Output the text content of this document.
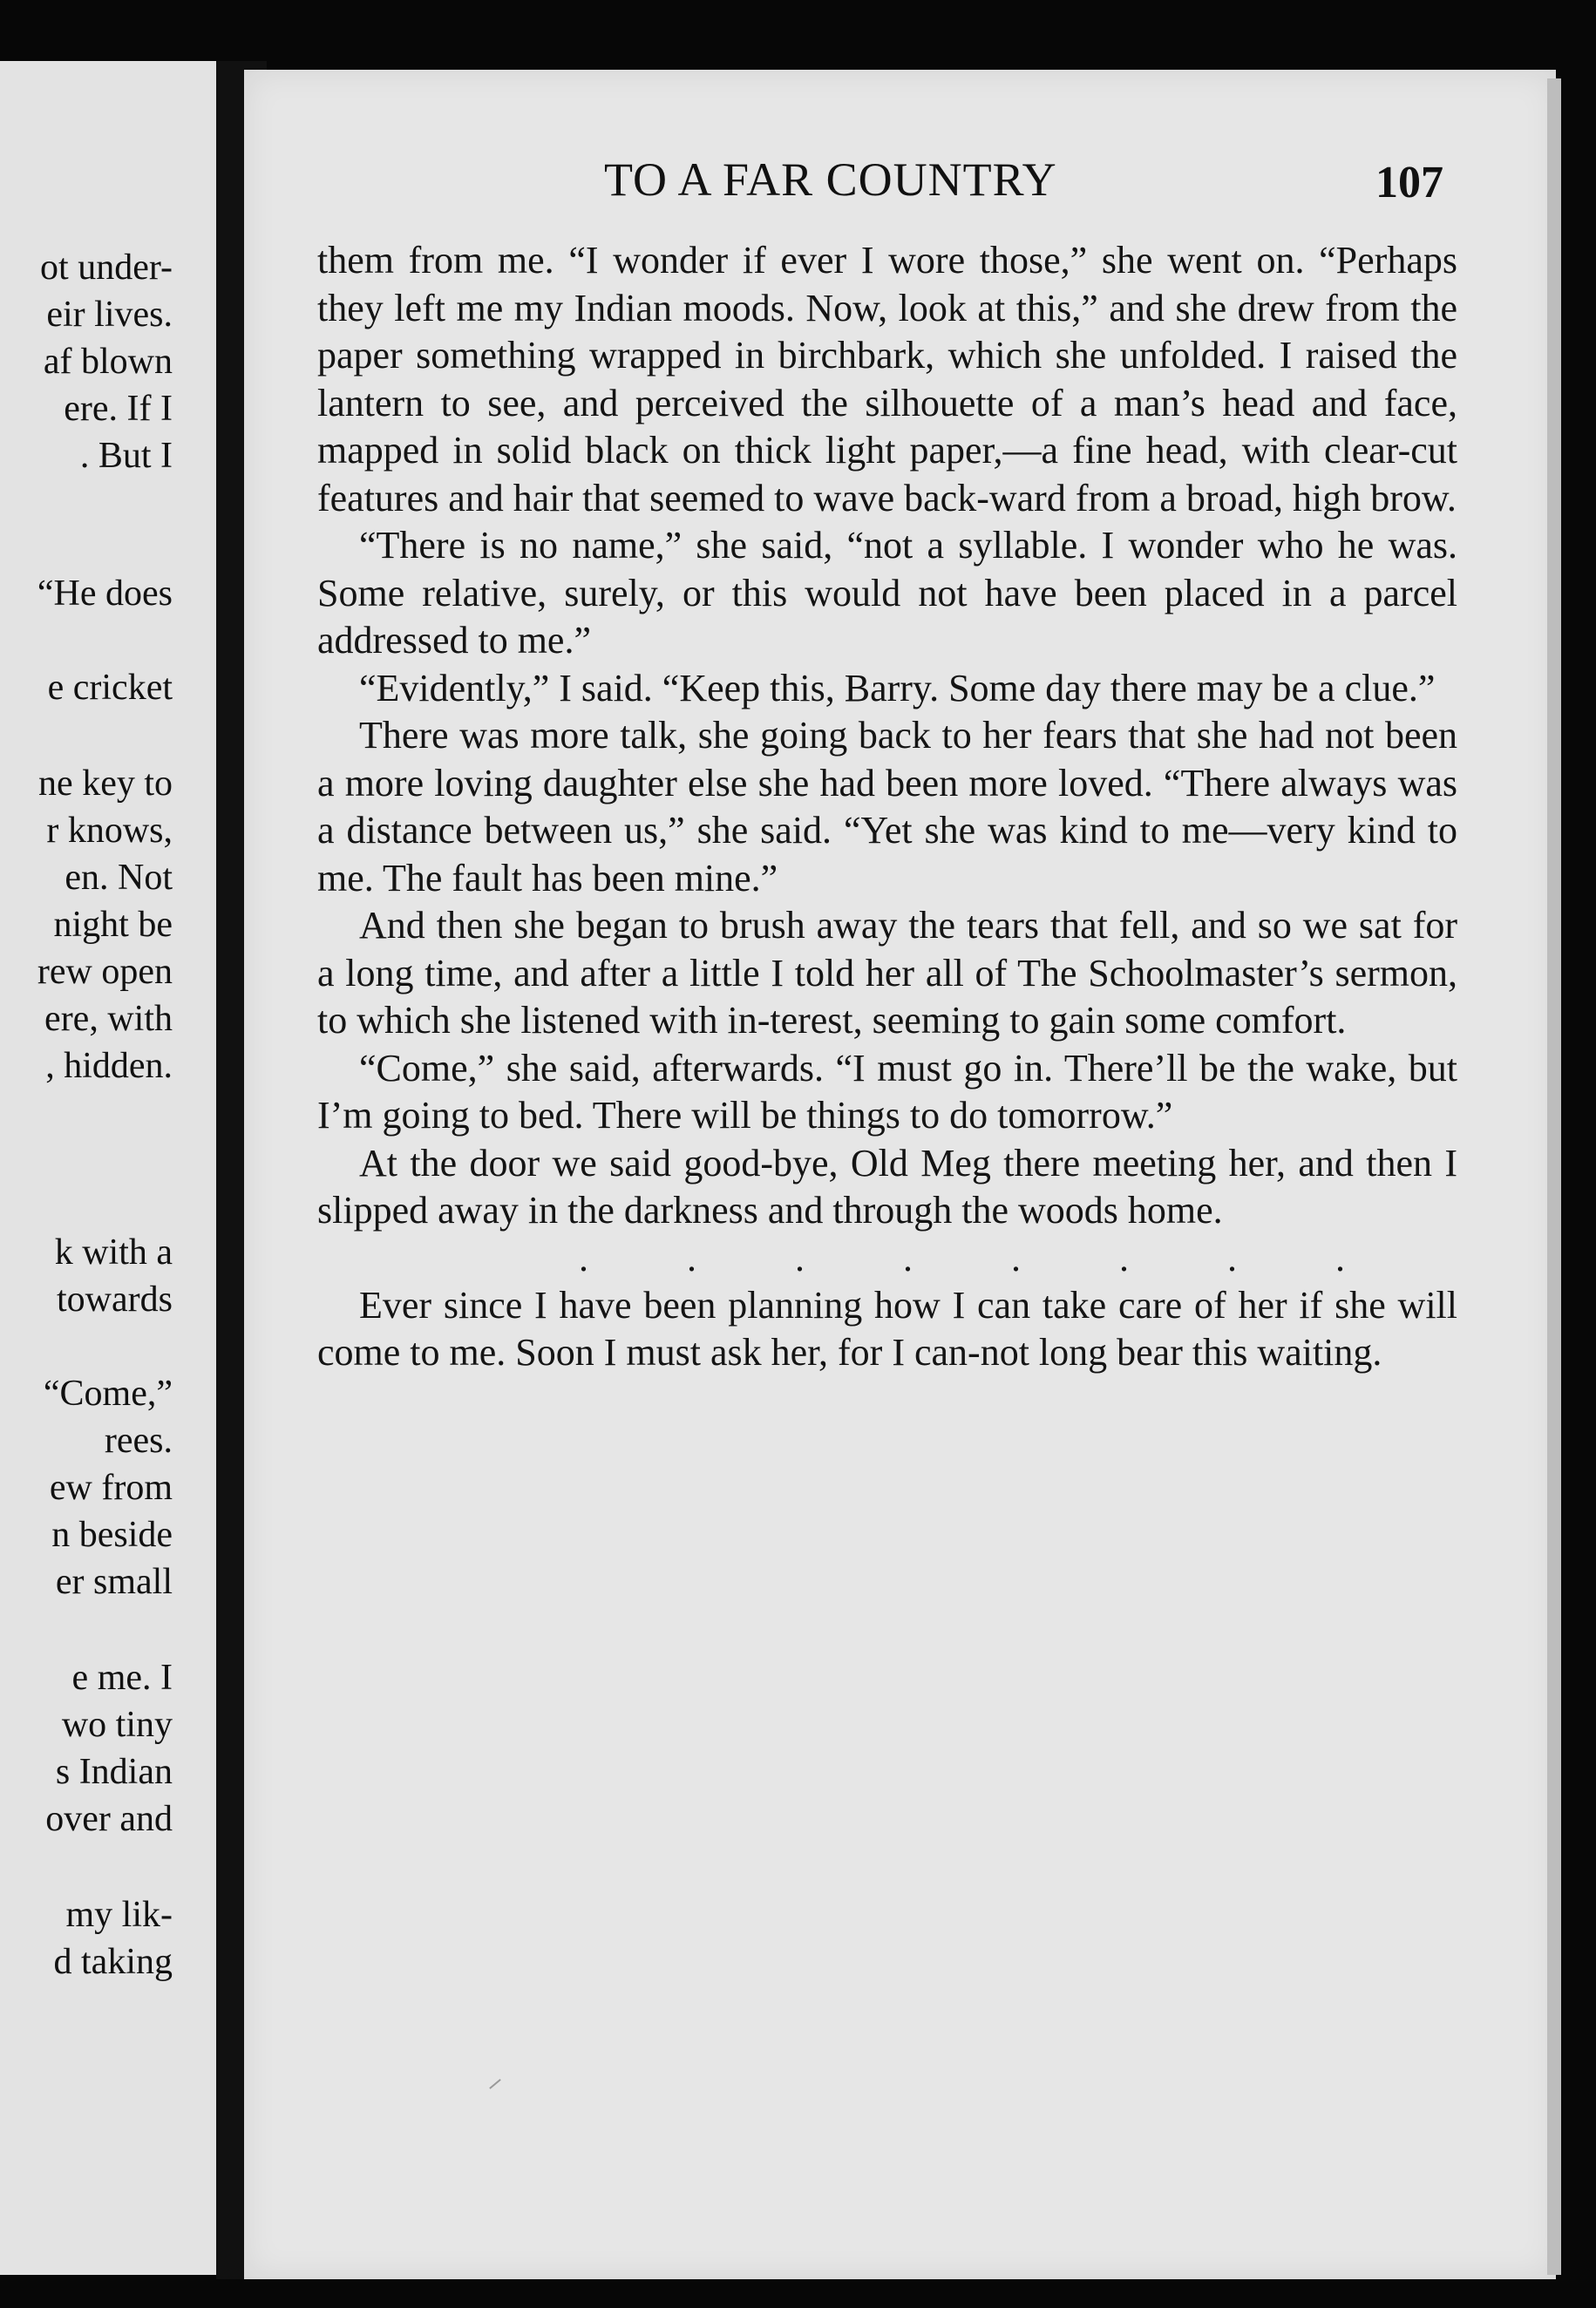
ot under-
eir lives.
af blown
ere. If I
. But I
“He does
e cricket
ne key to
r knows,
en. Not
night be
rew open
ere, with
, hidden.
k with a
towards
“Come,”
rees.
ew from
n beside
er small
e me. I
wo tiny
s Indian
over and
my lik-
d taking
TO A FAR COUNTRY	107

them from me. “I wonder if ever I wore those,” she went on. “Perhaps they left me my Indian moods. Now, look at this,” and she drew from the paper something wrapped in birchbark, which she unfolded. I raised the lantern to see, and perceived the silhouette of a man’s head and face, mapped in solid black on thick light paper,—a fine head, with clear-cut features and hair that seemed to wave back-ward from a broad, high brow.

“There is no name,” she said, “not a syllable. I wonder who he was. Some relative, surely, or this would not have been placed in a parcel addressed to me.”

“Evidently,” I said. “Keep this, Barry. Some day there may be a clue.”

There was more talk, she going back to her fears that she had not been a more loving daughter else she had been more loved. “There always was a distance between us,” she said. “Yet she was kind to me—very kind to me. The fault has been mine.”

And then she began to brush away the tears that fell, and so we sat for a long time, and after a little I told her all of The Schoolmaster’s sermon, to which she listened with in-terest, seeming to gain some comfort.

“Come,” she said, afterwards. “I must go in. There’ll be the wake, but I’m going to bed. There will be things to do tomorrow.”

At the door we said good-bye, Old Meg there meeting her, and then I slipped away in the darkness and through the woods home.

. . . . . . . .

Ever since I have been planning how I can take care of her if she will come to me. Soon I must ask her, for I can-not long bear this waiting.
